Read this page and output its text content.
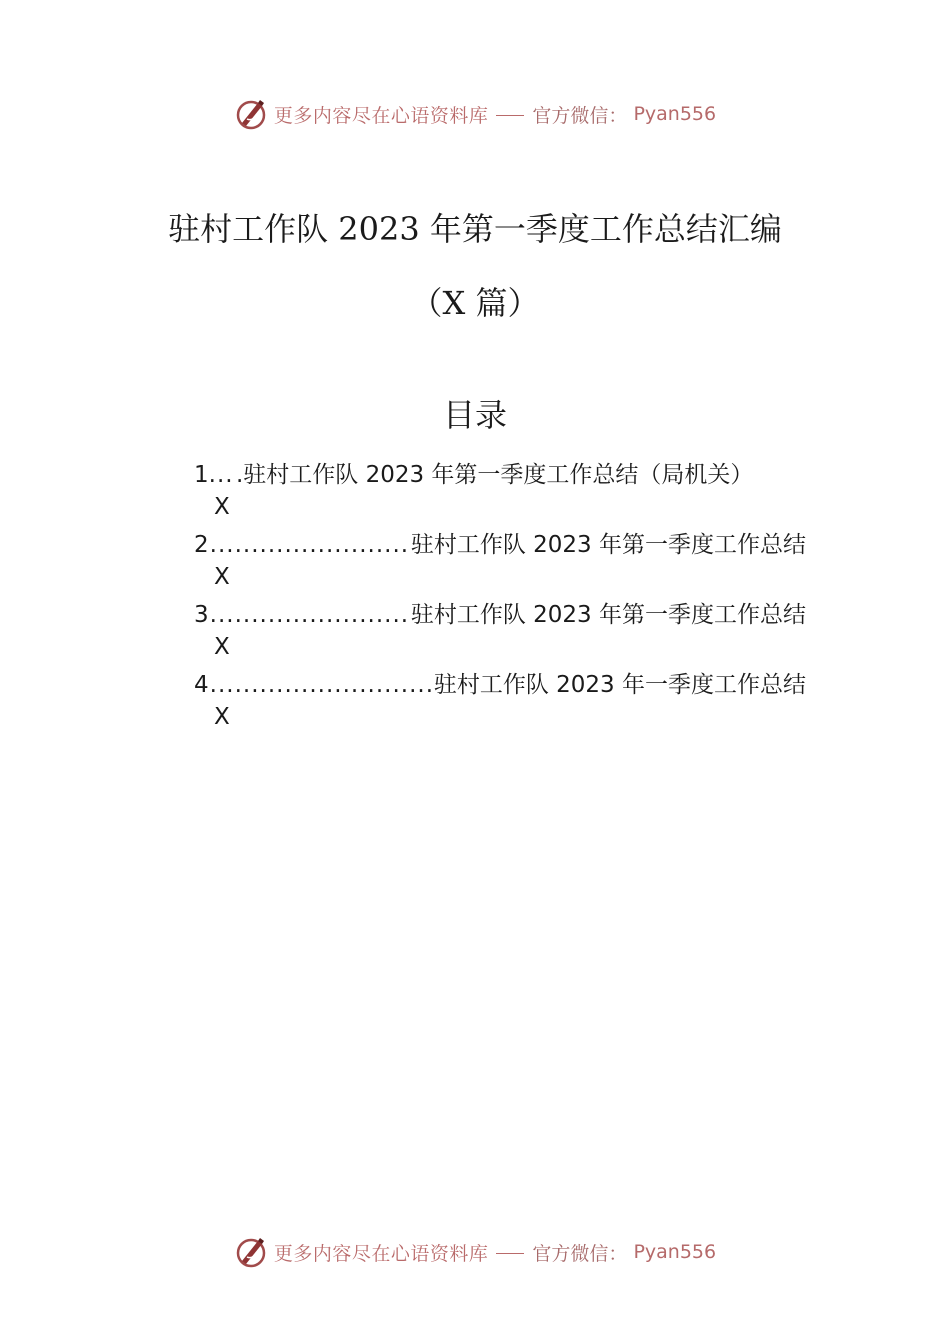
更多内容尽在心语资料库 官方微信： Pyan556
驻村工作队 2023 年第一季度工作总结汇编
（X 篇）
目录
1. ..... .驻村工作队 2023 年第一季度工作总结（局机关）
X
2 .....	驻村工作队 2023 年第一季度工作总结
X
3 .....	驻村工作队 2023 年第一季度工作总结
X
4 .....	驻村工作队 2023 年一季度工作总结
X
更多内容尽在心语资料库 官方微信： Pyan556
